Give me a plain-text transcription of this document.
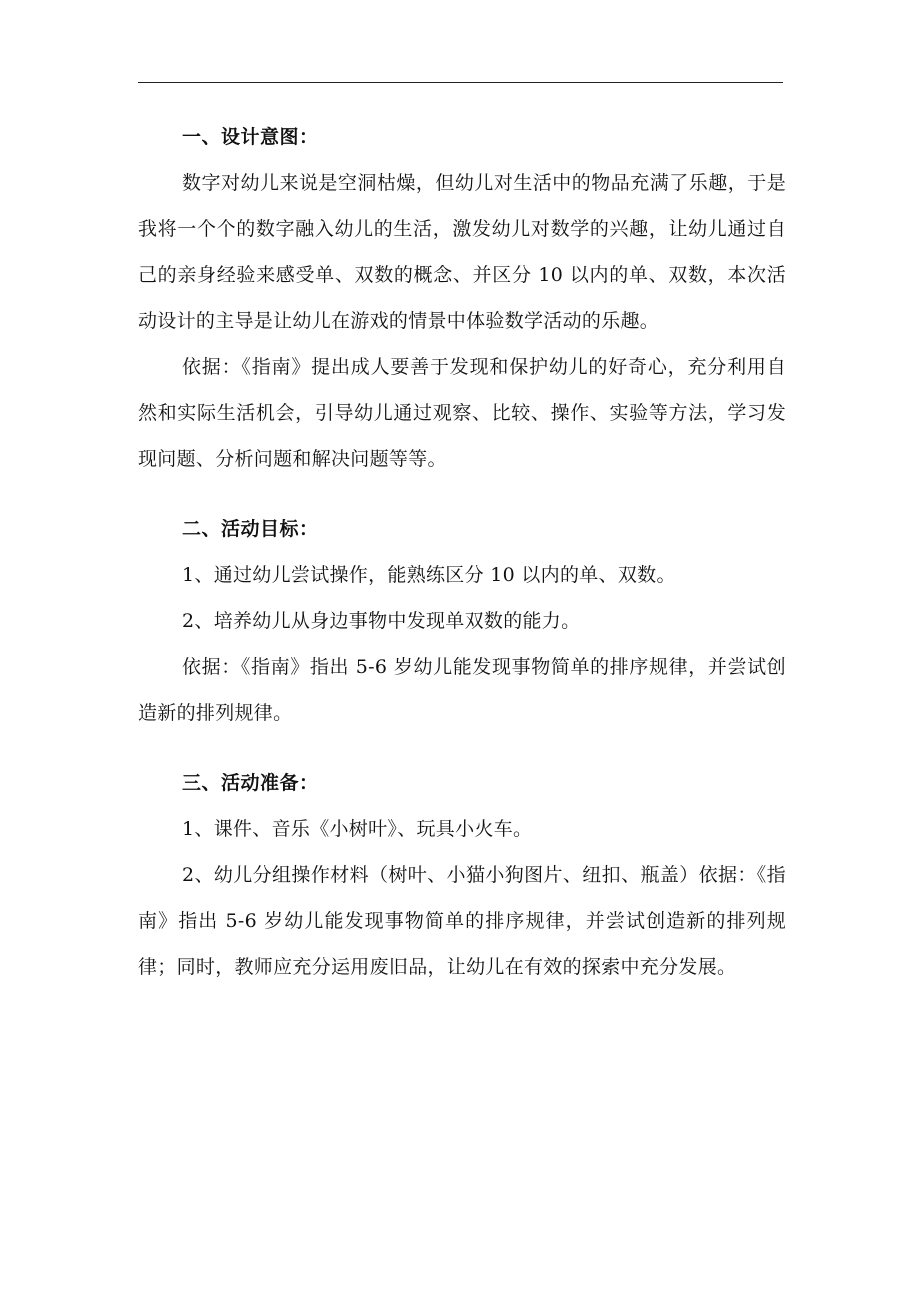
一、设计意图：

数字对幼儿来说是空洞枯燥，但幼儿对生活中的物品充满了乐趣，于是我将一个个的数字融入幼儿的生活，激发幼儿对数学的兴趣，让幼儿通过自己的亲身经验来感受单、双数的概念、并区分 10 以内的单、双数，本次活动设计的主导是让幼儿在游戏的情景中体验数学活动的乐趣。

依据：《指南》提出成人要善于发现和保护幼儿的好奇心，充分利用自然和实际生活机会，引导幼儿通过观察、比较、操作、实验等方法，学习发现问题、分析问题和解决问题等等。

二、活动目标：

1、通过幼儿尝试操作，能熟练区分 10 以内的单、双数。

2、培养幼儿从身边事物中发现单双数的能力。

依据：《指南》指出 5-6 岁幼儿能发现事物简单的排序规律，并尝试创造新的排列规律。

三、活动准备：

1、课件、音乐《小树叶》、玩具小火车。

2、幼儿分组操作材料（树叶、小猫小狗图片、纽扣、瓶盖）依据：《指南》指出 5-6 岁幼儿能发现事物简单的排序规律，并尝试创造新的排列规律；同时，教师应充分运用废旧品，让幼儿在有效的探索中充分发展。
